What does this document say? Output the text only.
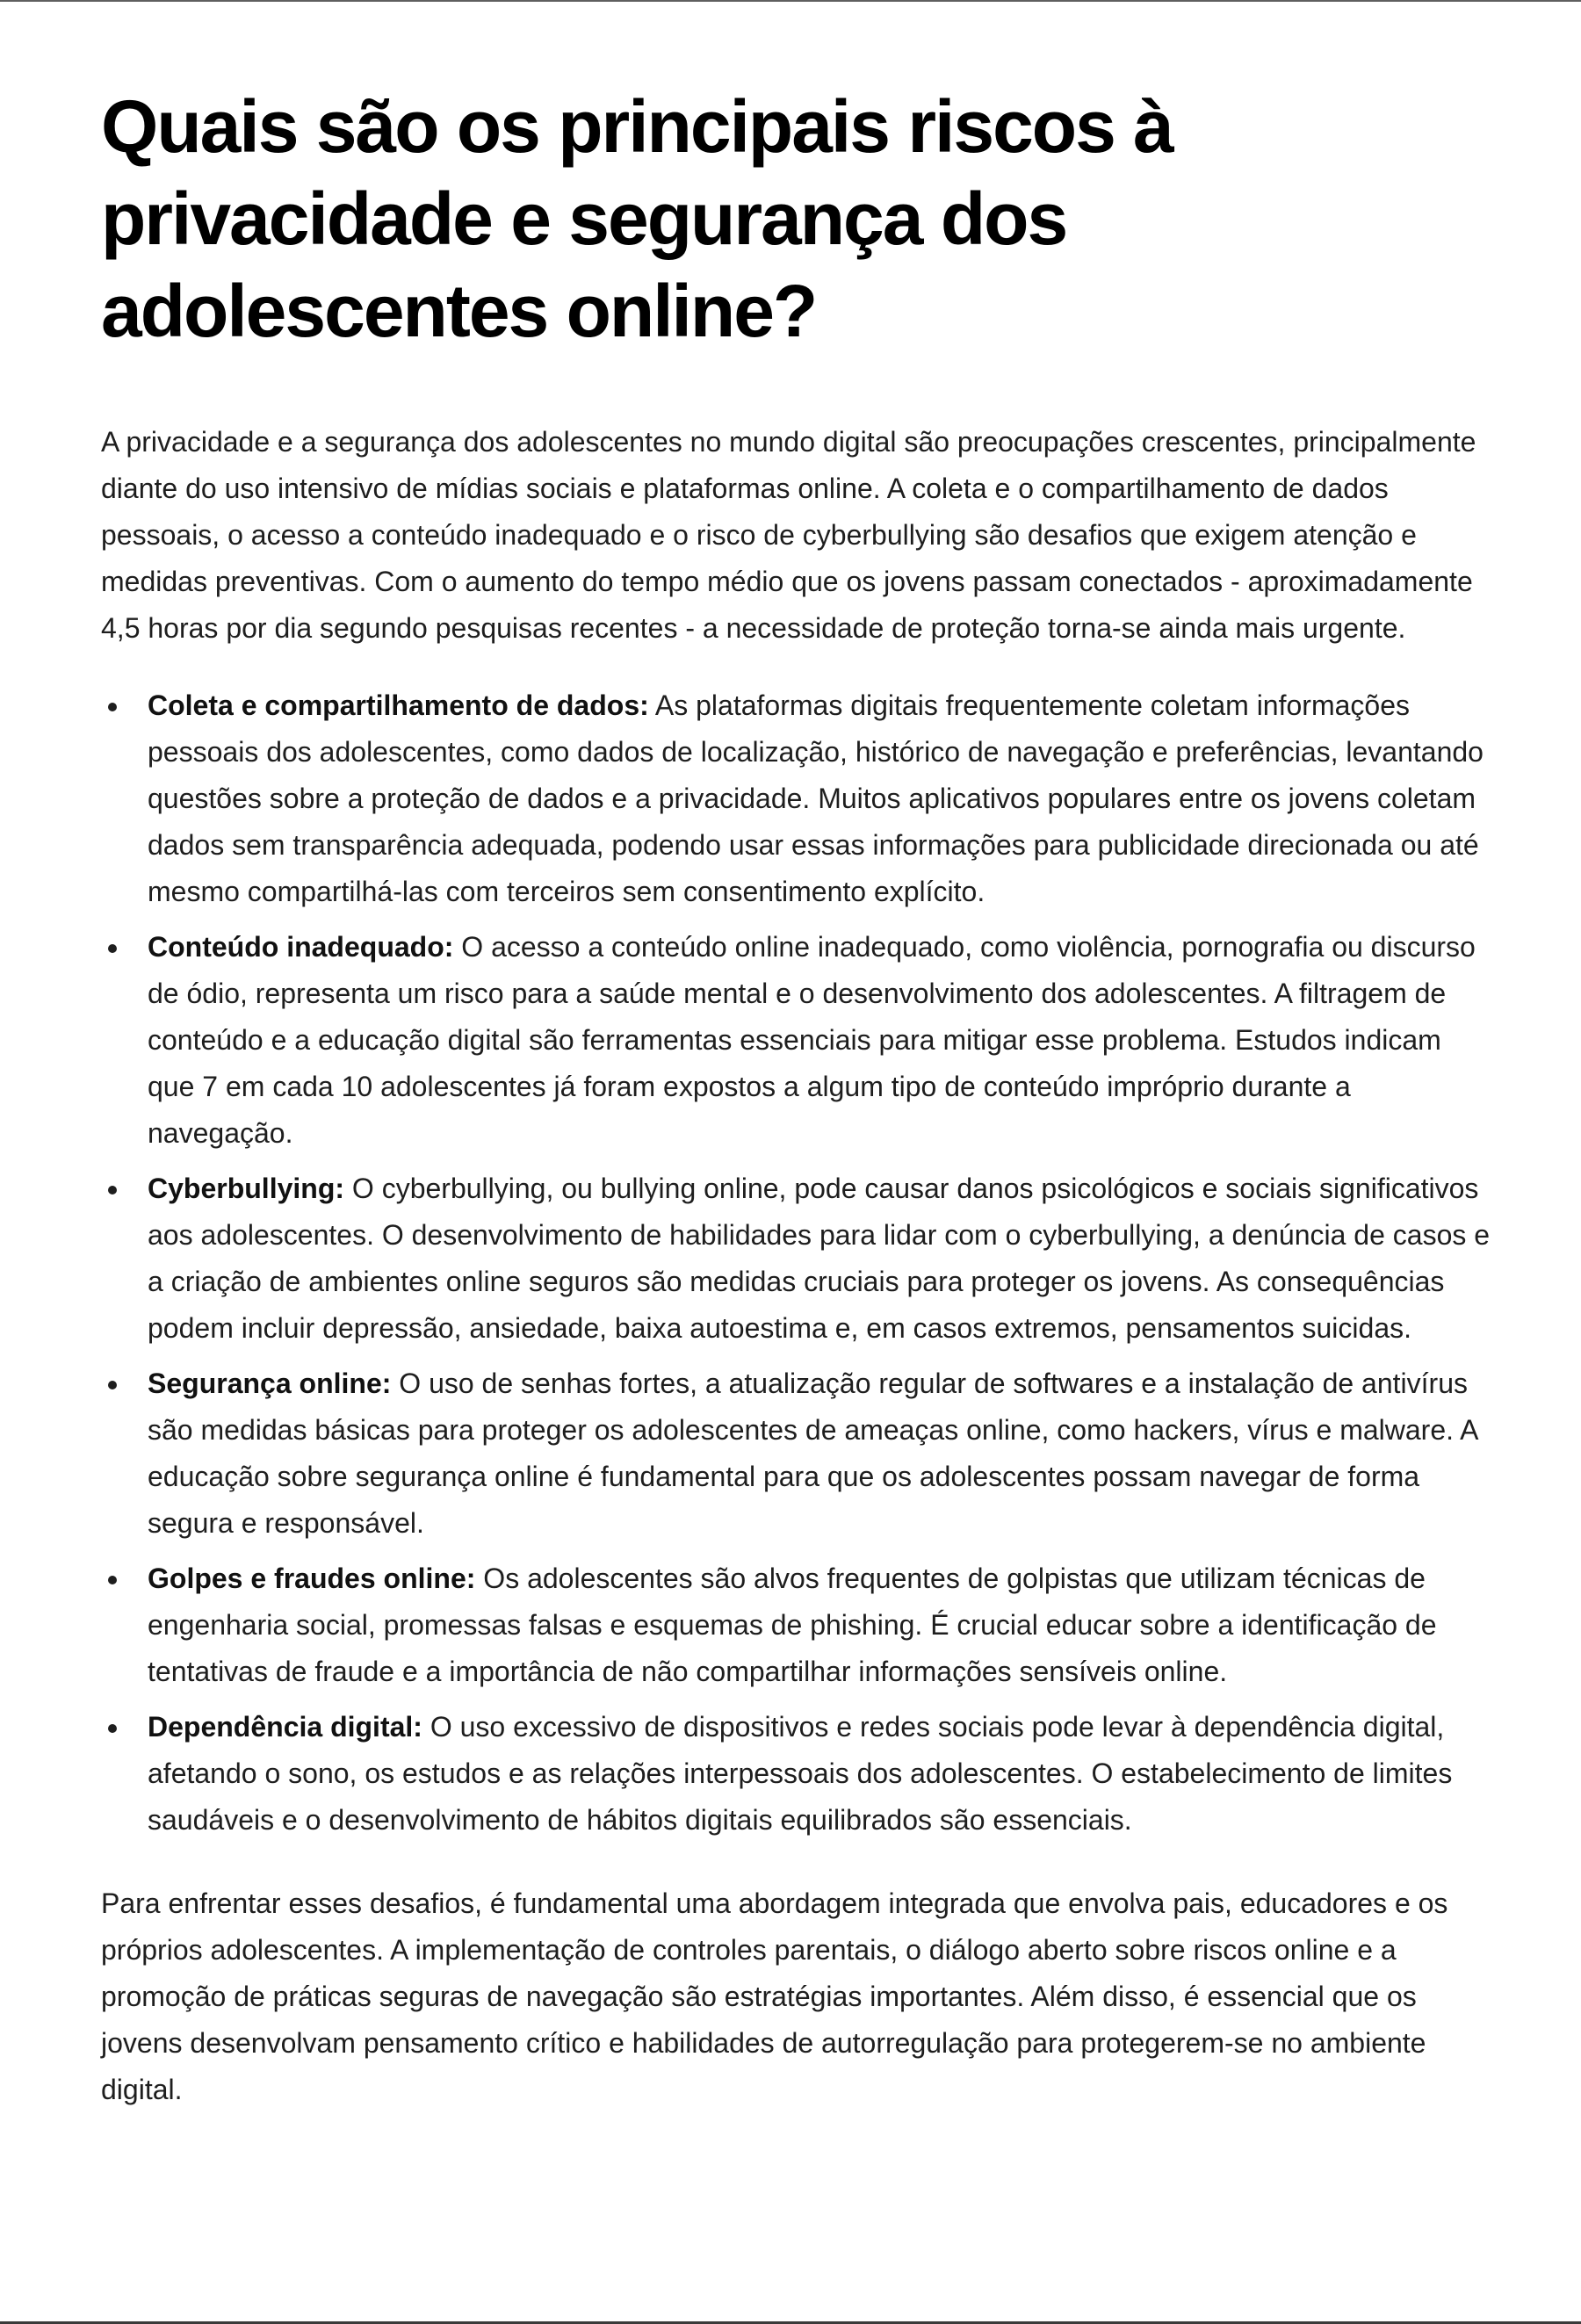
Quais são os principais riscos à privacidade e segurança dos adolescentes online?

A privacidade e a segurança dos adolescentes no mundo digital são preocupações crescentes, principalmente diante do uso intensivo de mídias sociais e plataformas online. A coleta e o compartilhamento de dados pessoais, o acesso a conteúdo inadequado e o risco de cyberbullying são desafios que exigem atenção e medidas preventivas. Com o aumento do tempo médio que os jovens passam conectados - aproximadamente 4,5 horas por dia segundo pesquisas recentes - a necessidade de proteção torna-se ainda mais urgente.

Coleta e compartilhamento de dados: As plataformas digitais frequentemente coletam informações pessoais dos adolescentes, como dados de localização, histórico de navegação e preferências, levantando questões sobre a proteção de dados e a privacidade. Muitos aplicativos populares entre os jovens coletam dados sem transparência adequada, podendo usar essas informações para publicidade direcionada ou até mesmo compartilhá-las com terceiros sem consentimento explícito.
Conteúdo inadequado: O acesso a conteúdo online inadequado, como violência, pornografia ou discurso de ódio, representa um risco para a saúde mental e o desenvolvimento dos adolescentes. A filtragem de conteúdo e a educação digital são ferramentas essenciais para mitigar esse problema. Estudos indicam que 7 em cada 10 adolescentes já foram expostos a algum tipo de conteúdo impróprio durante a navegação.
Cyberbullying: O cyberbullying, ou bullying online, pode causar danos psicológicos e sociais significativos aos adolescentes. O desenvolvimento de habilidades para lidar com o cyberbullying, a denúncia de casos e a criação de ambientes online seguros são medidas cruciais para proteger os jovens. As consequências podem incluir depressão, ansiedade, baixa autoestima e, em casos extremos, pensamentos suicidas.
Segurança online: O uso de senhas fortes, a atualização regular de softwares e a instalação de antivírus são medidas básicas para proteger os adolescentes de ameaças online, como hackers, vírus e malware. A educação sobre segurança online é fundamental para que os adolescentes possam navegar de forma segura e responsável.
Golpes e fraudes online: Os adolescentes são alvos frequentes de golpistas que utilizam técnicas de engenharia social, promessas falsas e esquemas de phishing. É crucial educar sobre a identificação de tentativas de fraude e a importância de não compartilhar informações sensíveis online.
Dependência digital: O uso excessivo de dispositivos e redes sociais pode levar à dependência digital, afetando o sono, os estudos e as relações interpessoais dos adolescentes. O estabelecimento de limites saudáveis e o desenvolvimento de hábitos digitais equilibrados são essenciais.

Para enfrentar esses desafios, é fundamental uma abordagem integrada que envolva pais, educadores e os próprios adolescentes. A implementação de controles parentais, o diálogo aberto sobre riscos online e a promoção de práticas seguras de navegação são estratégias importantes. Além disso, é essencial que os jovens desenvolvam pensamento crítico e habilidades de autorregulação para protegerem-se no ambiente digital.
